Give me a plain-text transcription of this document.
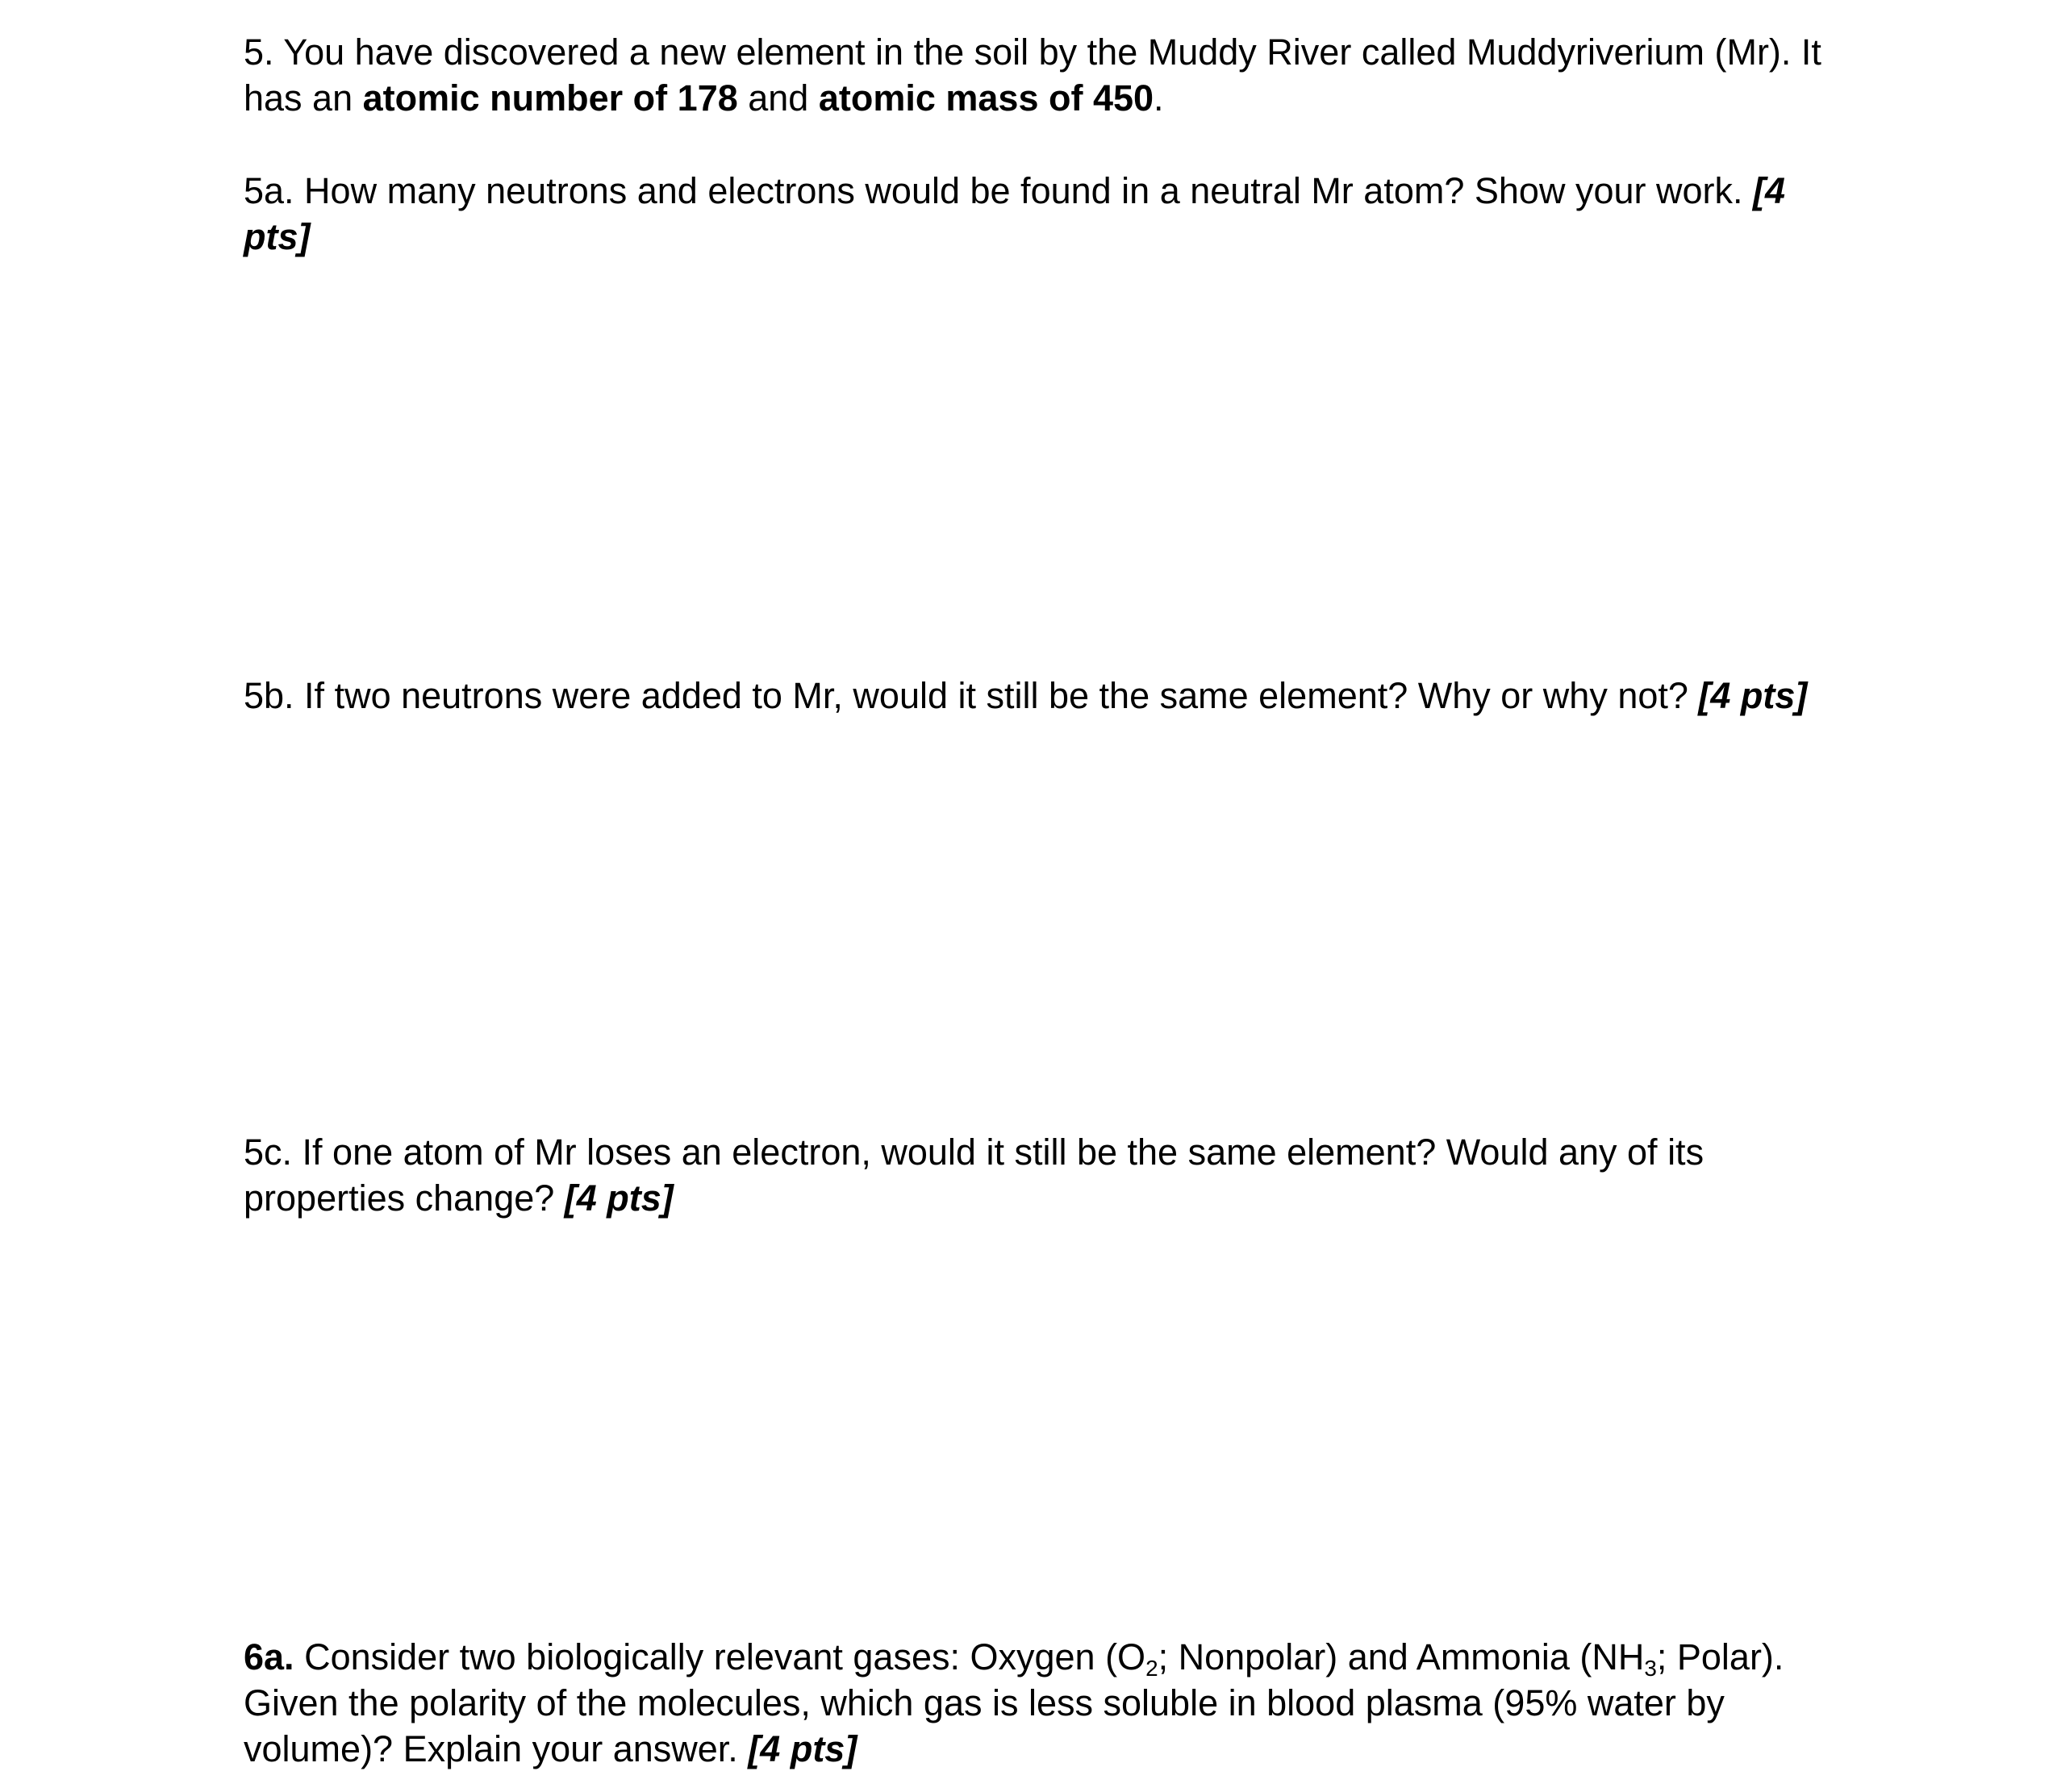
5. You have discovered a new element in the soil by the Muddy River called Muddyriverium (Mr). It has an atomic number of 178 and atomic mass of 450.

5a. How many neutrons and electrons would be found in a neutral Mr atom? Show your work. [4 pts]

5b. If two neutrons were added to Mr, would it still be the same element? Why or why not? [4 pts]

5c. If one atom of Mr loses an electron, would it still be the same element? Would any of its properties change? [4 pts]

6a. Consider two biologically relevant gases: Oxygen ($O_2$; Nonpolar) and Ammonia ($NH_3$; Polar). Given the polarity of the molecules, which gas is less soluble in blood plasma (95% water by volume)? Explain your answer. [4 pts]
